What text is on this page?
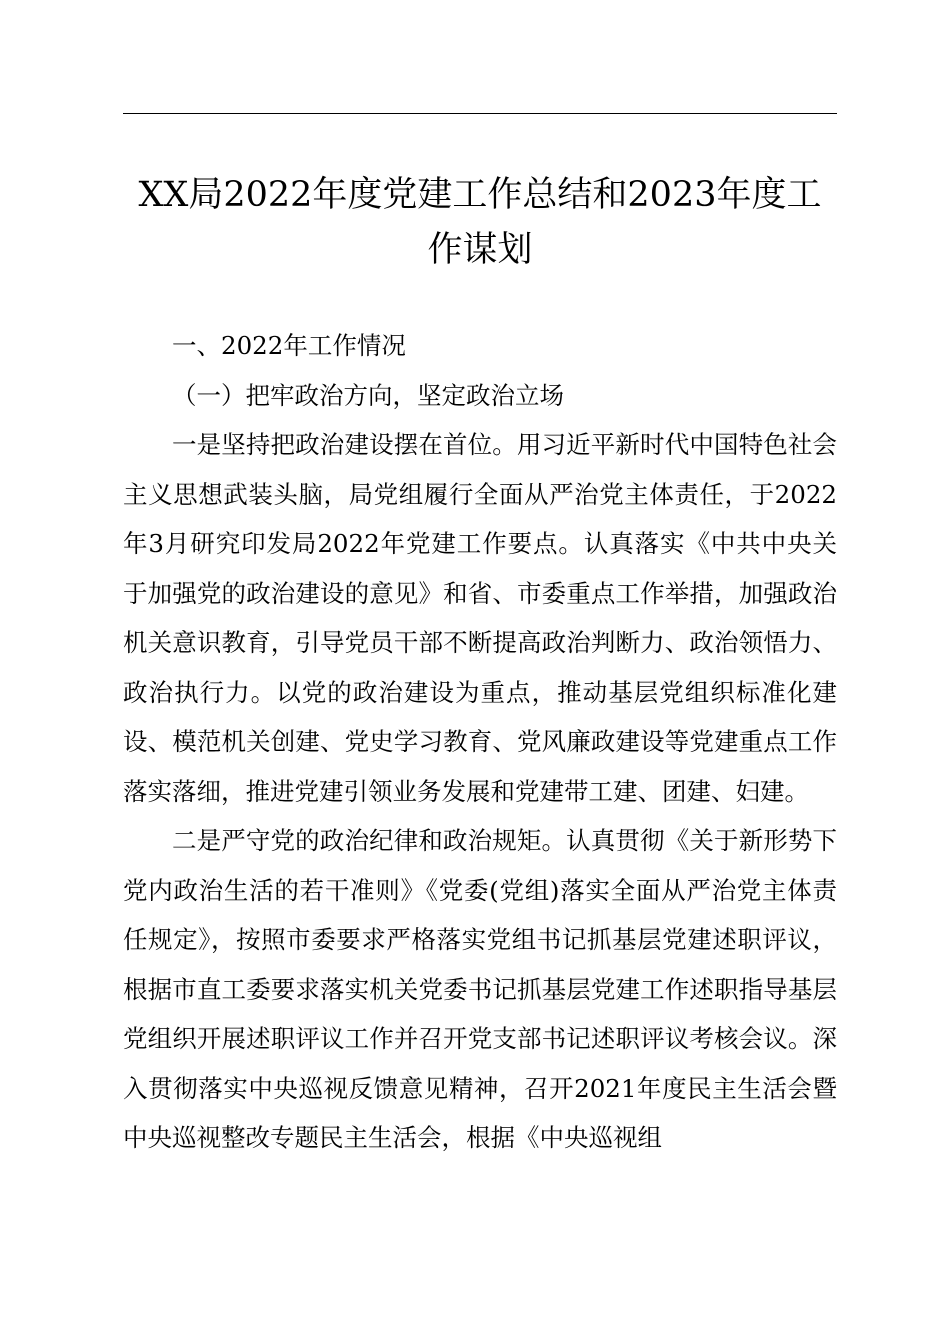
XX局2022年度党建工作总结和2023年度工作谋划

一、2022年工作情况

（一）把牢政治方向，坚定政治立场

一是坚持把政治建设摆在首位。用习近平新时代中国特色社会主义思想武装头脑，局党组履行全面从严治党主体责任，于2022年3月研究印发局2022年党建工作要点。认真落实《中共中央关于加强党的政治建设的意见》和省、市委重点工作举措，加强政治机关意识教育，引导党员干部不断提高政治判断力、政治领悟力、政治执行力。以党的政治建设为重点，推动基层党组织标准化建设、模范机关创建、党史学习教育、党风廉政建设等党建重点工作落实落细，推进党建引领业务发展和党建带工建、团建、妇建。

二是严守党的政治纪律和政治规矩。认真贯彻《关于新形势下党内政治生活的若干准则》《党委(党组)落实全面从严治党主体责任规定》，按照市委要求严格落实党组书记抓基层党建述职评议，根据市直工委要求落实机关党委书记抓基层党建工作述职指导基层党组织开展述职评议工作并召开党支部书记述职评议考核会议。深入贯彻落实中央巡视反馈意见精神，召开2021年度民主生活会暨中央巡视整改专题民主生活会，根据《中央巡视组
